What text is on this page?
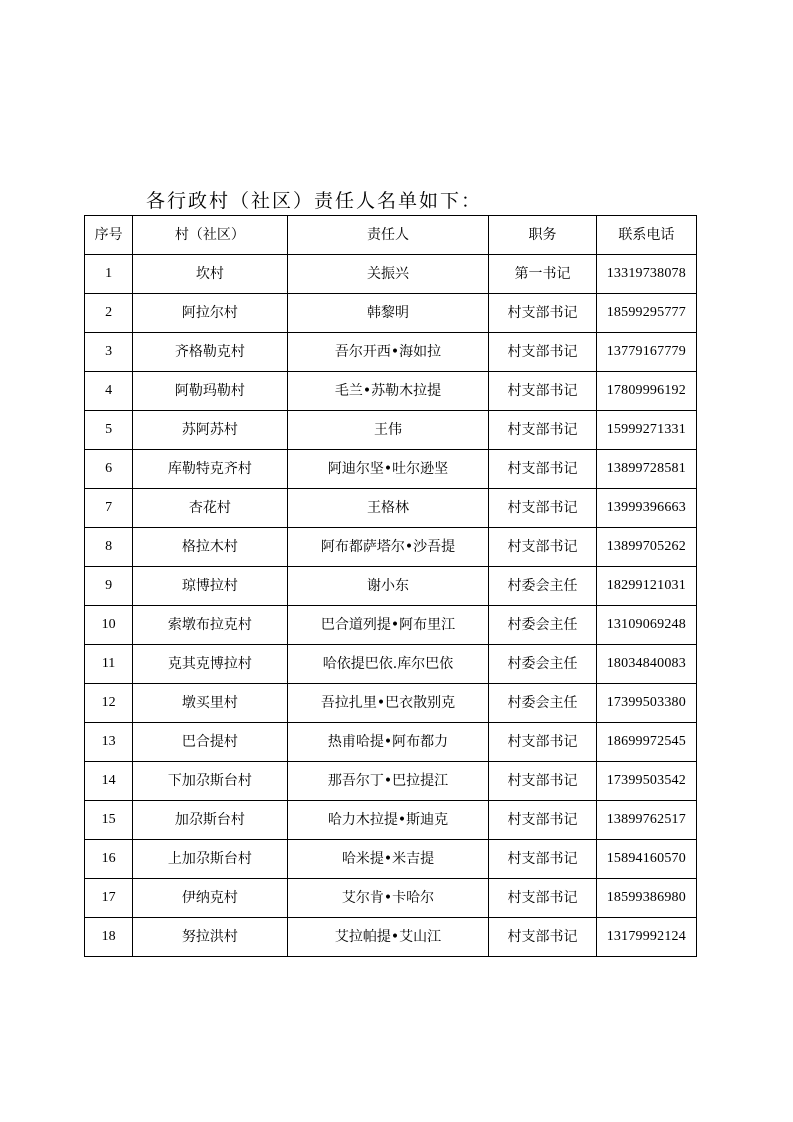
各行政村（社区）责任人名单如下：
序号	村（社区）	责任人	职务	联系电话
1	坎村	关振兴	第一书记	13319738078
2	阿拉尔村	韩黎明	村支部书记	18599295777
3	齐格勒克村	吾尔开西•海如拉	村支部书记	13779167779
4	阿勒玛勒村	毛兰•苏勒木拉提	村支部书记	17809996192
5	苏阿苏村	王伟	村支部书记	15999271331
6	库勒特克齐村	阿迪尔坚•吐尔逊坚	村支部书记	13899728581
7	杏花村	王格林	村支部书记	13999396663
8	格拉木村	阿布都萨塔尔•沙吾提	村支部书记	13899705262
9	琼博拉村	谢小东	村委会主任	18299121031
10	索墩布拉克村	巴合道列提•阿布里江	村委会主任	13109069248
11	克其克博拉村	哈依提巴依.库尔巴依	村委会主任	18034840083
12	墩买里村	吾拉扎里•巴衣散别克	村委会主任	17399503380
13	巴合提村	热甫哈提•阿布都力	村支部书记	18699972545
14	下加尕斯台村	那吾尔丁•巴拉提江	村支部书记	17399503542
15	加尕斯台村	哈力木拉提•斯迪克	村支部书记	13899762517
16	上加尕斯台村	哈米提•米吉提	村支部书记	15894160570
17	伊纳克村	艾尔肯•卡哈尔	村支部书记	18599386980
18	努拉洪村	艾拉帕提•艾山江	村支部书记	13179992124
